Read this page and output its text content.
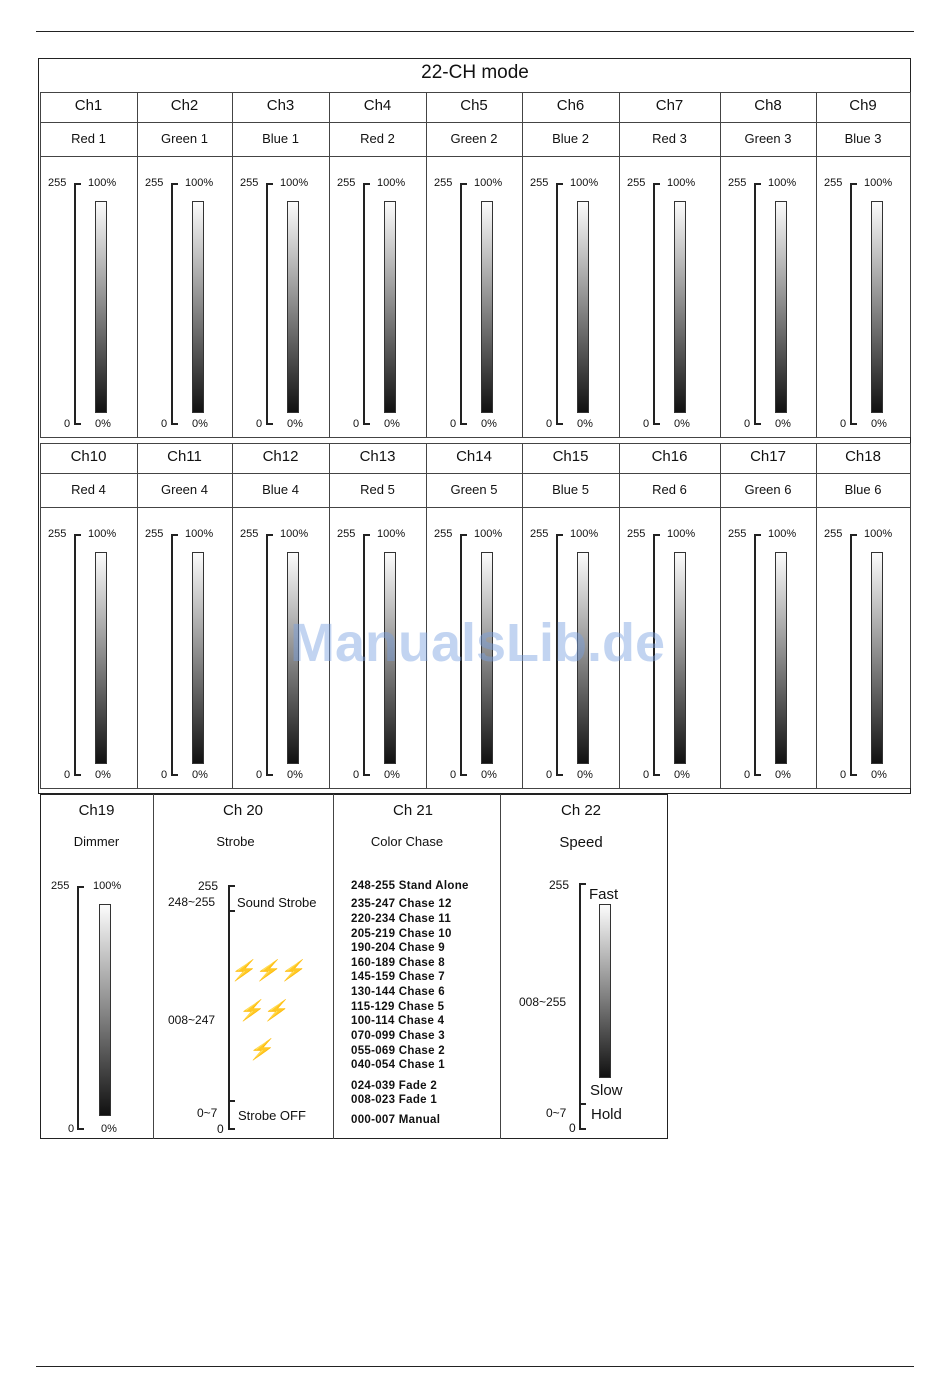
22-CH mode
Ch1
Red 1
255 100%
0 0%
Ch2
Green 1
255 100%
0 0%
Ch3
Blue 1
255 100%
0 0%
Ch4
Red 2
255 100%
0 0%
Ch5
Green 2
255 100%
0 0%
Ch6
Blue 2
255 100%
0 0%
Ch7
Red 3
255 100%
0 0%
Ch8
Green 3
255 100%
0 0%
Ch9
Blue 3
255 100%
0 0%
Ch10
Red 4
255 100%
0 0%
Ch11
Green 4
255 100%
0 0%
Ch12
Blue 4
255 100%
0 0%
Ch13
Red 5
255 100%
0 0%
Ch14
Green 5
255 100%
0 0%
Ch15
Blue 5
255 100%
0 0%
Ch16
Red 6
255 100%
0 0%
Ch17
Green 6
255 100%
0 0%
Ch18
Blue 6
255 100%
0 0%
Ch19
Dimmer
255 100%
0 0%
Ch 20
Strobe
255
248~255 Sound Strobe
⚡⚡⚡
⚡⚡
⚡
008~247
0~7
0
Strobe OFF
Ch 21
Color Chase
248-255 Stand Alone
235-247 Chase 12
220-234 Chase 11
205-219 Chase 10
190-204 Chase 9
160-189 Chase 8
145-159 Chase 7
130-144 Chase 6
115-129 Chase 5
100-114 Chase 4
070-099 Chase 3
055-069 Chase 2
040-054 Chase 1
024-039 Fade 2
008-023 Fade 1
000-007 Manual
Ch 22
Speed
255
Fast
008~255
Slow
0~7 Hold
0
ManualsLib.de
